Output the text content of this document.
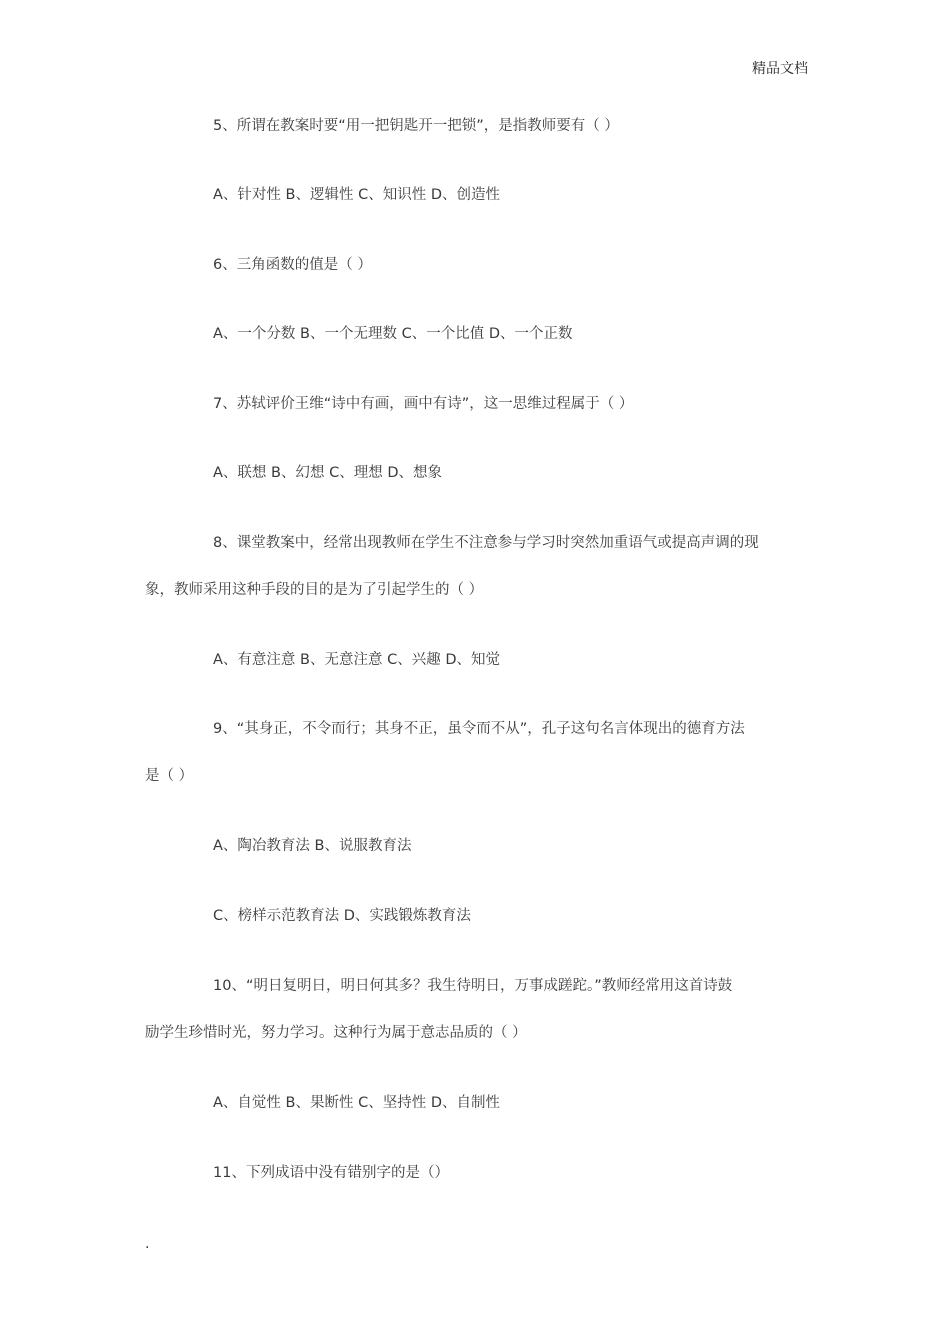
精品文档
5、所谓在教案时要“用一把钥匙开一把锁”，是指教师要有（ ）
A、针对性 B、逻辑性 C、知识性 D、创造性
6、三角函数的值是（ ）
A、一个分数 B、一个无理数 C、一个比值 D、一个正数
7、苏轼评价王维“诗中有画，画中有诗”，这一思维过程属于（ ）
A、联想 B、幻想 C、理想 D、想象
8、课堂教案中，经常出现教师在学生不注意参与学习时突然加重语气或提高声调的现
象，教师采用这种手段的目的是为了引起学生的（ ）
A、有意注意 B、无意注意 C、兴趣 D、知觉
9、“其身正，不令而行；其身不正，虽令而不从”，孔子这句名言体现出的德育方法
是（ ）
A、陶冶教育法 B、说服教育法
C、榜样示范教育法 D、实践锻炼教育法
10、“明日复明日，明日何其多？我生待明日，万事成蹉跎。”教师经常用这首诗鼓
励学生珍惜时光，努力学习。这种行为属于意志品质的（ ）
A、自觉性 B、果断性 C、坚持性 D、自制性
11、下列成语中没有错别字的是（）
.
